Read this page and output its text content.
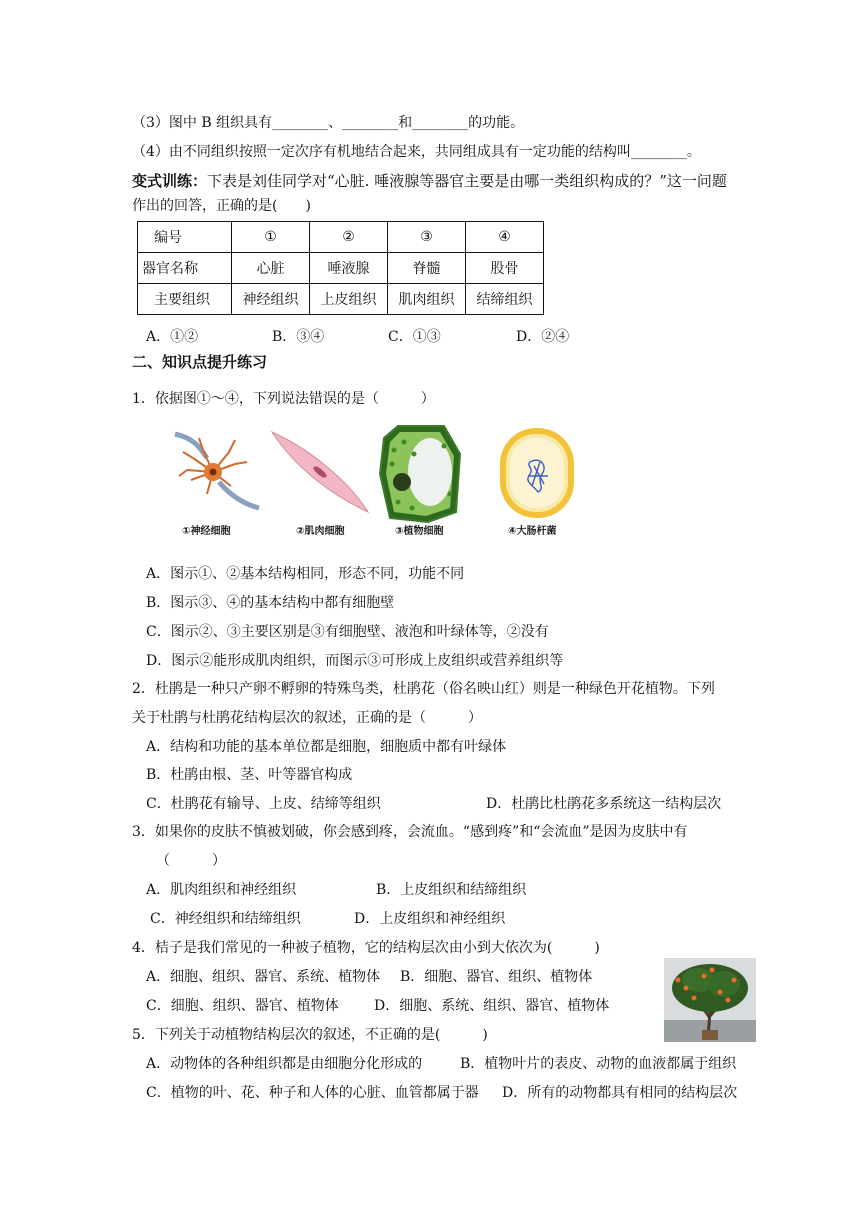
（3）图中 B 组织具有________、________和________的功能。
（4）由不同组织按照一定次序有机地结合起来，共同组成具有一定功能的结构叫________。
变式训练：下表是刘佳同学对“心脏. 唾液腺等器官主要是由哪一类组织构成的？”这一问题
作出的回答，正确的是(　　)
编号	①	②	③	④
器官名称	心脏	唾液腺	脊髓	股骨
主要组织	神经组织	上皮组织	肌肉组织	结缔组织
A．①②	B．③④	C．①③	D．②④
二、知识点提升练习
1．依据图①～④，下列说法错误的是（　　　）
①神经细胞	②肌肉细胞	③植物细胞	④大肠杆菌
A．图示①、②基本结构相同，形态不同，功能不同
B．图示③、④的基本结构中都有细胞壁
C．图示②、③主要区别是③有细胞壁、液泡和叶绿体等，②没有
D．图示②能形成肌肉组织，而图示③可形成上皮组织或营养组织等
2．杜鹃是一种只产卵不孵卵的特殊鸟类，杜鹃花（俗名映山红）则是一种绿色开花植物。下列
关于杜鹃与杜鹃花结构层次的叙述，正确的是（　　　）
A．结构和功能的基本单位都是细胞，细胞质中都有叶绿体
B．杜鹃由根、茎、叶等器官构成
C．杜鹃花有输导、上皮、结缔等组织	D．杜鹃比杜鹃花多系统这一结构层次
3．如果你的皮肤不慎被划破，你会感到疼，会流血。“感到疼”和“会流血”是因为皮肤中有
（　　　）
A．肌肉组织和神经组织	B．上皮组织和结缔组织
C．神经组织和结缔组织	D．上皮组织和神经组织
4．桔子是我们常见的一种被子植物，它的结构层次由小到大依次为(　　　)
A．细胞、组织、器官、系统、植物体 B．细胞、器官、组织、植物体
C．细胞、组织、器官、植物体	D．细胞、系统、组织、器官、植物体
5．下列关于动植物结构层次的叙述，不正确的是(　　　)
A．动物体的各种组织都是由细胞分化形成的	B．植物叶片的表皮、动物的血液都属于组织
C．植物的叶、花、种子和人体的心脏、血管都属于器 D．所有的动物都具有相同的结构层次
